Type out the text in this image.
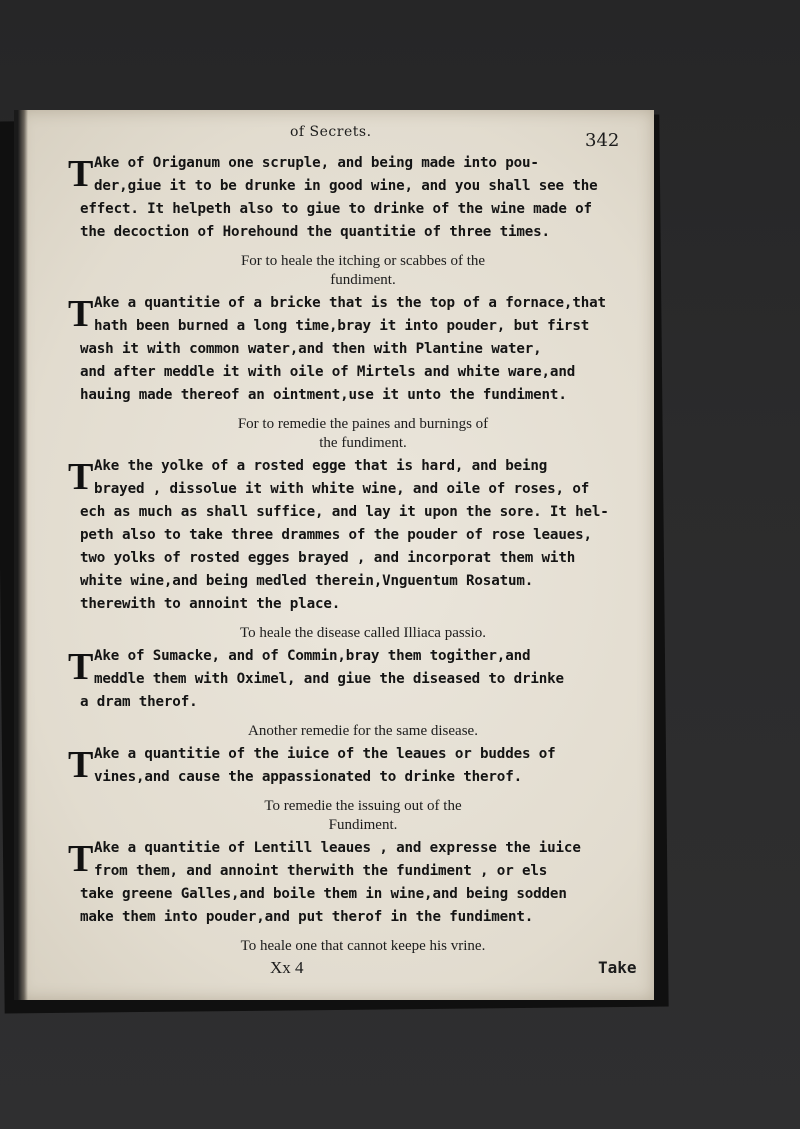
of Secrets.	342
T Ake of Origanum one scruple, and being made into pou-

der,giue it to be drunke in good wine, and you shall see the

effect. It helpeth also to giue to drinke of the wine made of

the decoction of Horehound the quantitie of three times.

For to heale the itching or scabbes of the
fundiment.
T Ake a quantitie of a bricke that is the top of a fornace,that

hath been burned a long time,bray it into pouder, but first

wash it with common water,and then with Plantine water,

and after meddle it with oile of Mirtels and white ware,and

hauing made thereof an ointment,use it unto the fundiment.

For to remedie the paines and burnings of
the fundiment.
T Ake the yolke of a rosted egge that is hard, and being

brayed , dissolue it with white wine, and oile of roses, of

ech as much as shall suffice, and lay it upon the sore. It hel-

peth also to take three drammes of the pouder of rose leaues,

two yolks of rosted egges brayed , and incorporat them with

white wine,and being medled therein,Vnguentum Rosatum.

therewith to annoint the place.

To heale the disease called Illiaca passio.
T Ake of Sumacke, and of Commin,bray them togither,and

meddle them with Oximel, and giue the diseased to drinke

a dram therof.

Another remedie for the same disease.
T Ake a quantitie of the iuice of the leaues or buddes of

vines,and cause the appassionated to drinke therof.

To remedie the issuing out of the
Fundiment.
T Ake a quantitie of Lentill leaues , and expresse the iuice

from them, and annoint therwith the fundiment , or els

take greene Galles,and boile them in wine,and being sodden

make them into pouder,and put therof in the fundiment.

To heale one that cannot keepe his vrine.
Xx 4	Take
